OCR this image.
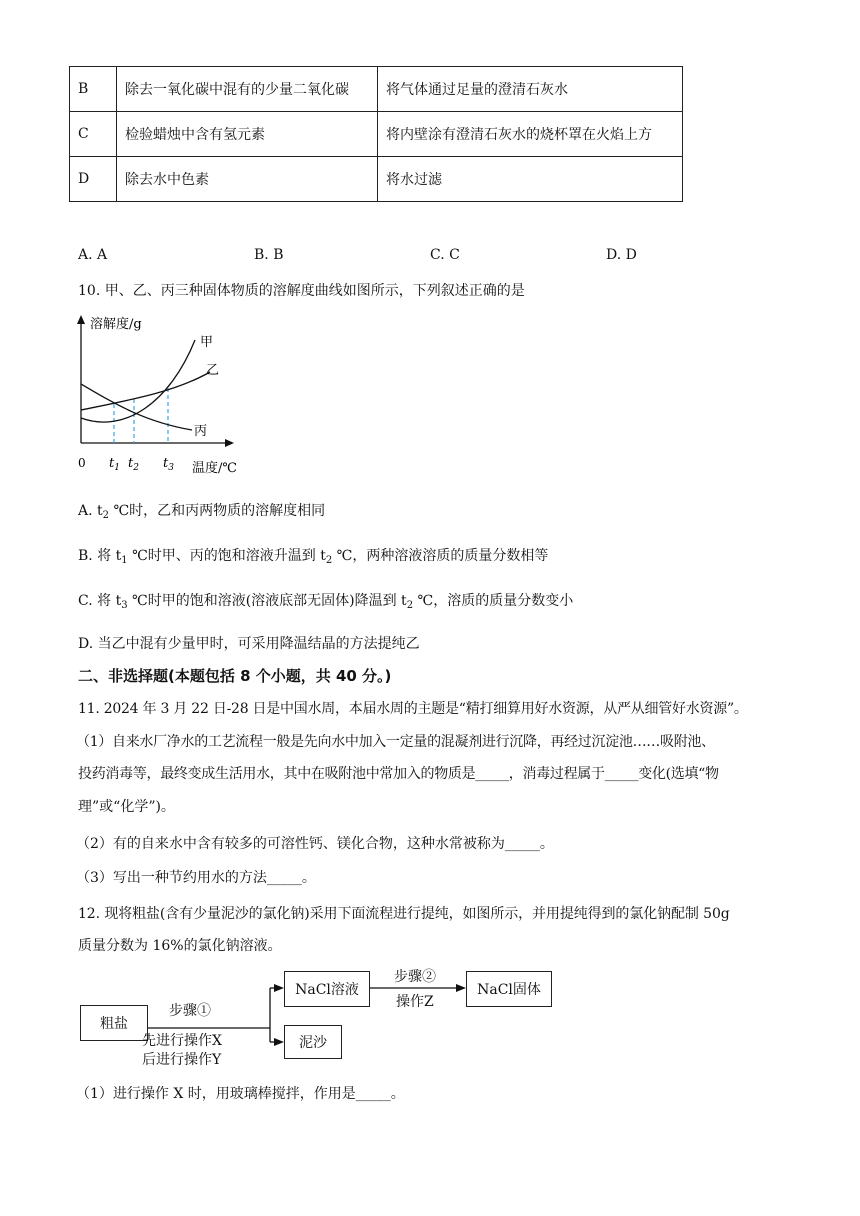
B	除去一氧化碳中混有的少量二氧化碳	将气体通过足量的澄清石灰水
C	检验蜡烛中含有氢元素	将内壁涂有澄清石灰水的烧杯罩在火焰上方
D	除去水中色素	将水过滤
A. A	B. B	C. C	D. D
10. 甲、乙、丙三种固体物质的溶解度曲线如图所示，下列叙述正确的是
溶解度/g
温度/℃
0
甲
乙
丙
$t_1$ $t_2$ $t_3$
A. $t_2$ ℃时，乙和丙两物质的溶解度相同
B. 将 $t_1$ ℃时甲、丙的饱和溶液升温到 $t_2$ ℃，两种溶液溶质的质量分数相等
C. 将 $t_3$ ℃时甲的饱和溶液(溶液底部无固体)降温到 $t_2$ ℃，溶质的质量分数变小
D. 当乙中混有少量甲时，可采用降温结晶的方法提纯乙
二、非选择题(本题包括 8 个小题，共 40 分。)
11. 2024 年 3 月 22 日-28 日是中国水周，本届水周的主题是“精打细算用好水资源，从严从细管好水资源”。
（1）自来水厂净水的工艺流程一般是先向水中加入一定量的混凝剂进行沉降，再经过沉淀池……吸附池、
投药消毒等，最终变成生活用水，其中在吸附池中常加入的物质是_____，消毒过程属于_____变化(选填“物
理”或“化学”)。
（2）有的自来水中含有较多的可溶性钙、镁化合物，这种水常被称为_____。
（3）写出一种节约用水的方法_____。
12. 现将粗盐(含有少量泥沙的氯化钠)采用下面流程进行提纯，如图所示，并用提纯得到的氯化钠配制 50g
质量分数为 16%的氯化钠溶液。
粗盐
NaCl溶液
泥沙
NaCl固体
步骤①
先进行操作X
后进行操作Y
步骤②
操作Z
（1）进行操作 X 时，用玻璃棒搅拌，作用是_____。
